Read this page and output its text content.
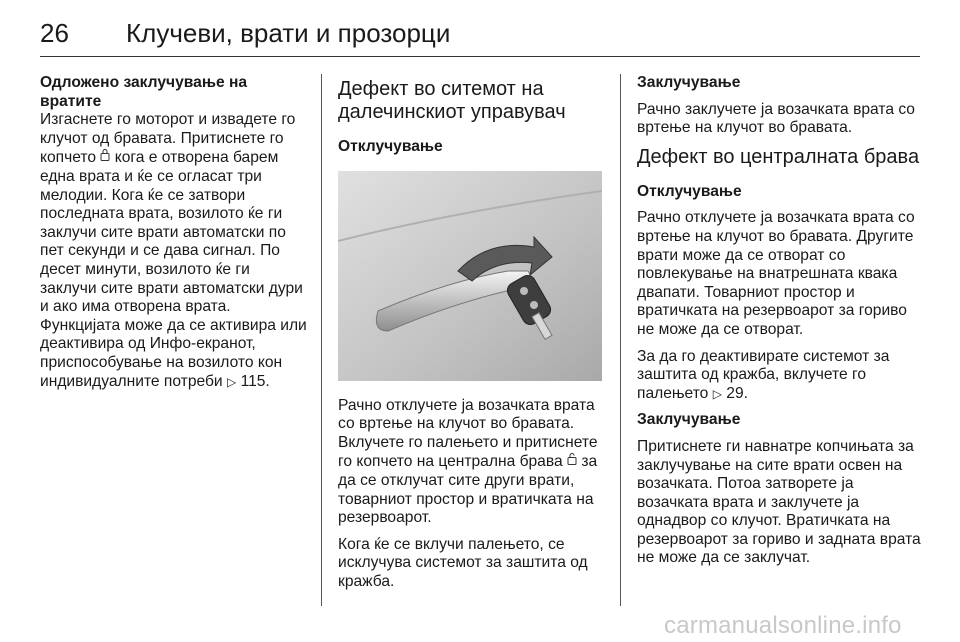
26 Клучеви, врати и прозорци

Одложено заклучување на вратите
Изгаснете го моторот и извадете го клучот од бравата. Притиснете го копчето кога е отворена барем една врата и ќе се огласат три мелодии. Кога ќе се затвори последната врата, возилото ќе ги заклучи сите врати автоматски по пет секунди и се дава сигнал. По десет минути, возилото ќе ги заклучи сите врати автоматски дури и ако има отворена врата. Функцијата може да се активира или деактивира од Инфо-екранот, приспособување на возилото кон индивидуалните потреби ▷ 115.

Дефект во ситемот на далечинскиот управувач

Отклучување

Рачно отклучете ја возачката врата со вртење на клучот во бравата. Вклучете го палењето и притиснете го копчето на централна брава за да се отклучат сите други врати, товарниот простор и вратичката на резервоарот.

Кога ќе се вклучи палењето, се исклучува системот за заштита од кражба.

Заклучување

Рачно заклучете ја возачката врата со вртење на клучот во бравата.

Дефект во централната брава

Отклучување

Рачно отклучете ја возачката врата со вртење на клучот во бравата. Другите врати може да се отворат со повлекување на внатрешната квака двапати. Товарниот простор и вратичката на резервоарот за гориво не може да се отворат.

За да го деактивирате системот за заштита од кражба, вклучете го палењето ▷ 29.

Заклучување

Притиснете ги навнатре копчињата за заклучување на сите врати освен на возачката. Потоа затворете ја возачката врата и заклучете ја однадвор со клучот. Вратичката на резервоарот за гориво и задната врата не може да се заклучат.

carmanualsonline.info
